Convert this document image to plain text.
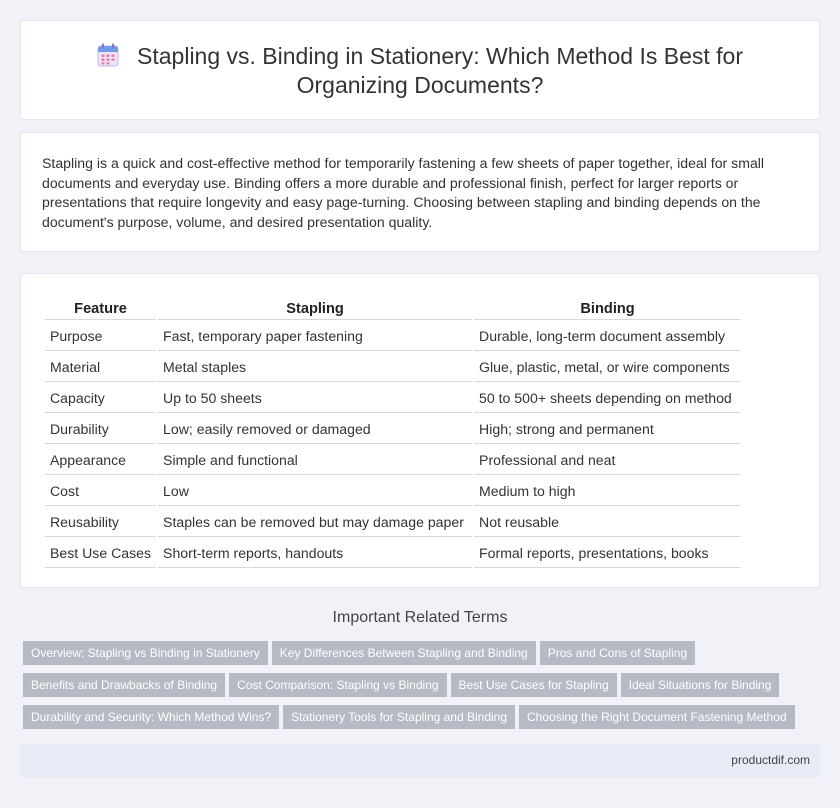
Stapling vs. Binding in Stationery: Which Method Is Best for Organizing Documents?

Stapling is a quick and cost-effective method for temporarily fastening a few sheets of paper together, ideal for small documents and everyday use. Binding offers a more durable and professional finish, perfect for larger reports or presentations that require longevity and easy page-turning. Choosing between stapling and binding depends on the document's purpose, volume, and desired presentation quality.

Feature	Stapling	Binding
Purpose	Fast, temporary paper fastening	Durable, long-term document assembly
Material	Metal staples	Glue, plastic, metal, or wire components
Capacity	Up to 50 sheets	50 to 500+ sheets depending on method
Durability	Low; easily removed or damaged	High; strong and permanent
Appearance	Simple and functional	Professional and neat
Cost	Low	Medium to high
Reusability	Staples can be removed but may damage paper	Not reusable
Best Use Cases	Short-term reports, handouts	Formal reports, presentations, books
Important Related Terms
Overview: Stapling vs Binding in Stationery Key Differences Between Stapling and Binding Pros and Cons of Stapling
Benefits and Drawbacks of Binding Cost Comparison: Stapling vs Binding Best Use Cases for Stapling Ideal Situations for Binding
Durability and Security: Which Method Wins? Stationery Tools for Stapling and Binding Choosing the Right Document Fastening Method
productdif.com
